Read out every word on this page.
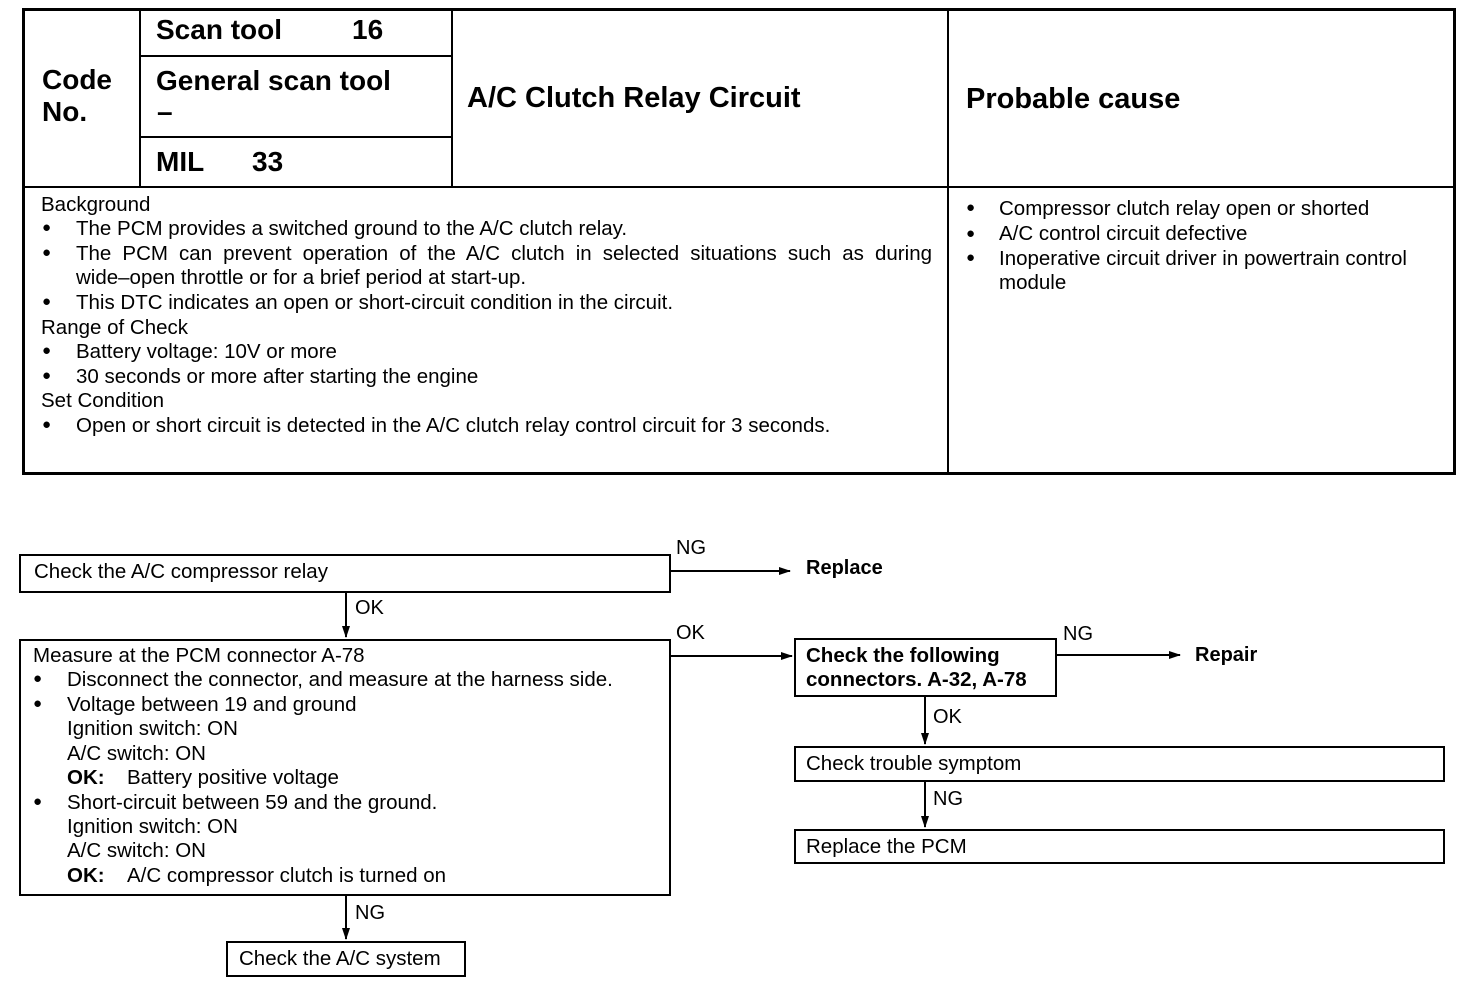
Code
No.
Scan tool 16
General scan tool
–
MIL 33
A/C Clutch Relay Circuit	Probable cause
Background
● The PCM provides a switched ground to the A/C clutch relay.
● The PCM can prevent operation of the A/C clutch in selected situations such as during
wide–open throttle or for a brief period at start-up.
● This DTC indicates an open or short-circuit condition in the circuit.
Range of Check
● Battery voltage: 10V or more
● 30 seconds or more after starting the engine
Set Condition
● Open or short circuit is detected in the A/C clutch relay control circuit for 3 seconds.
● Compressor clutch relay open or shorted
● A/C control circuit defective
● Inoperative circuit driver in powertrain control
module
Check the A/C compressor relay
NG
Replace
OK
Measure at the PCM connector A-78
● Disconnect the connector, and measure at the harness side.
● Voltage between 19 and ground
Ignition switch: ON
A/C switch: ON
OK: Battery positive voltage
● Short-circuit between 59 and the ground.
Ignition switch: ON
A/C switch: ON
OK: A/C compressor clutch is turned on
OK
NG
Check the A/C system
Check the following
connectors. A-32, A-78
NG
Repair
OK
Check trouble symptom
NG
Replace the PCM
